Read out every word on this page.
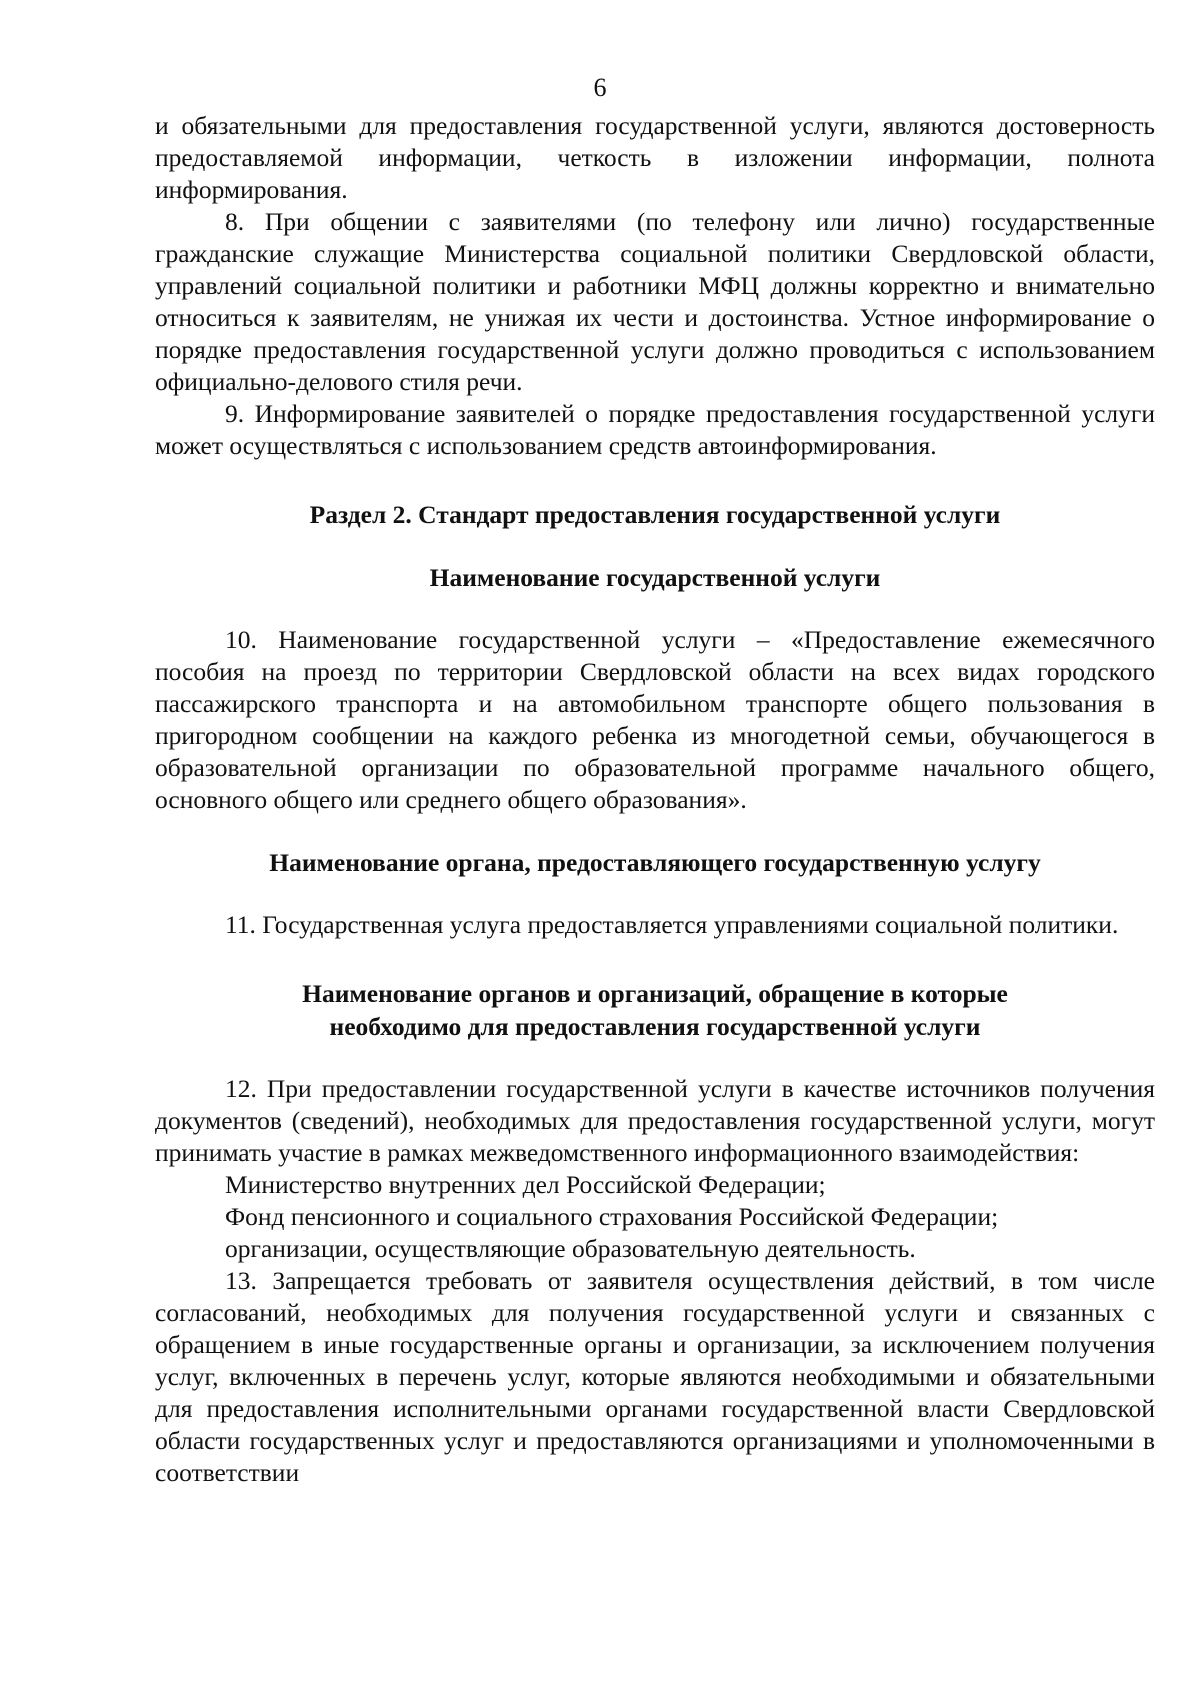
6

и обязательными для предоставления государственной услуги, являются достоверность предоставляемой информации, четкость в изложении информации, полнота информирования.

8. При общении с заявителями (по телефону или лично) государственные гражданские служащие Министерства социальной политики Свердловской области, управлений социальной политики и работники МФЦ должны корректно и внимательно относиться к заявителям, не унижая их чести и достоинства. Устное информирование о порядке предоставления государственной услуги должно проводиться с использованием официально-делового стиля речи.

9. Информирование заявителей о порядке предоставления государственной услуги может осуществляться с использованием средств автоинформирования.

Раздел 2. Стандарт предоставления государственной услуги
Наименование государственной услуги

10. Наименование государственной услуги – «Предоставление ежемесячного пособия на проезд по территории Свердловской области на всех видах городского пассажирского транспорта и на автомобильном транспорте общего пользования в пригородном сообщении на каждого ребенка из многодетной семьи, обучающегося в образовательной организации по образовательной программе начального общего, основного общего или среднего общего образования».

Наименование органа, предоставляющего государственную услугу

11. Государственная услуга предоставляется управлениями социальной политики.

Наименование органов и организаций, обращение в которые
необходимо для предоставления государственной услуги

12. При предоставлении государственной услуги в качестве источников получения документов (сведений), необходимых для предоставления государственной услуги, могут принимать участие в рамках межведомственного информационного взаимодействия:

Министерство внутренних дел Российской Федерации;

Фонд пенсионного и социального страхования Российской Федерации;

организации, осуществляющие образовательную деятельность.

13. Запрещается требовать от заявителя осуществления действий, в том числе согласований, необходимых для получения государственной услуги и связанных с обращением в иные государственные органы и организации, за исключением получения услуг, включенных в перечень услуг, которые являются необходимыми и обязательными для предоставления исполнительными органами государственной власти Свердловской области государственных услуг и предоставляются организациями и уполномоченными в соответствии
